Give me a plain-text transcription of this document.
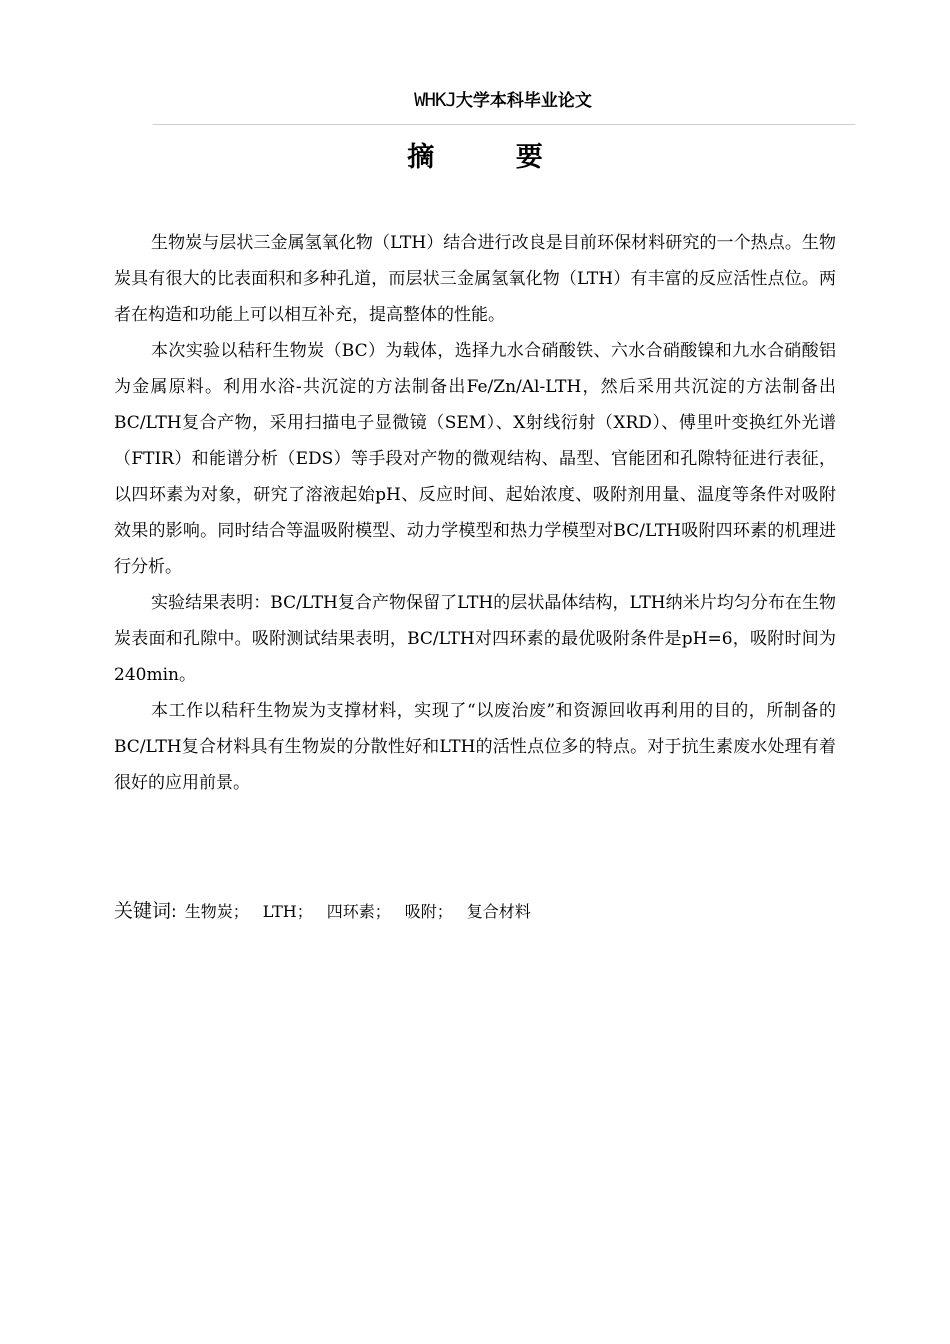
WHKJ大学本科毕业论文
摘 要

生物炭与层状三金属氢氧化物（LTH）结合进行改良是目前环保材料研究的一个热点。生物炭具有很大的比表面积和多种孔道，而层状三金属氢氧化物（LTH）有丰富的反应活性点位。两者在构造和功能上可以相互补充，提高整体的性能。

本次实验以秸秆生物炭（BC）为载体，选择九水合硝酸铁、六水合硝酸镍和九水合硝酸铝为金属原料。利用水浴-共沉淀的方法制备出Fe/Zn/Al-LTH，然后采用共沉淀的方法制备出BC/LTH复合产物，采用扫描电子显微镜（SEM）、X射线衍射（XRD）、傅里叶变换红外光谱（FTIR）和能谱分析（EDS）等手段对产物的微观结构、晶型、官能团和孔隙特征进行表征，以四环素为对象，研究了溶液起始pH、反应时间、起始浓度、吸附剂用量、温度等条件对吸附效果的影响。同时结合等温吸附模型、动力学模型和热力学模型对BC/LTH吸附四环素的机理进行分析。

实验结果表明：BC/LTH复合产物保留了LTH的层状晶体结构，LTH纳米片均匀分布在生物炭表面和孔隙中。吸附测试结果表明，BC/LTH对四环素的最优吸附条件是pH=6，吸附时间为240min。

本工作以秸秆生物炭为支撑材料，实现了“以废治废”和资源回收再利用的目的，所制备的BC/LTH复合材料具有生物炭的分散性好和LTH的活性点位多的特点。对于抗生素废水处理有着很好的应用前景。

关键词: 生物炭； LTH； 四环素； 吸附； 复合材料
